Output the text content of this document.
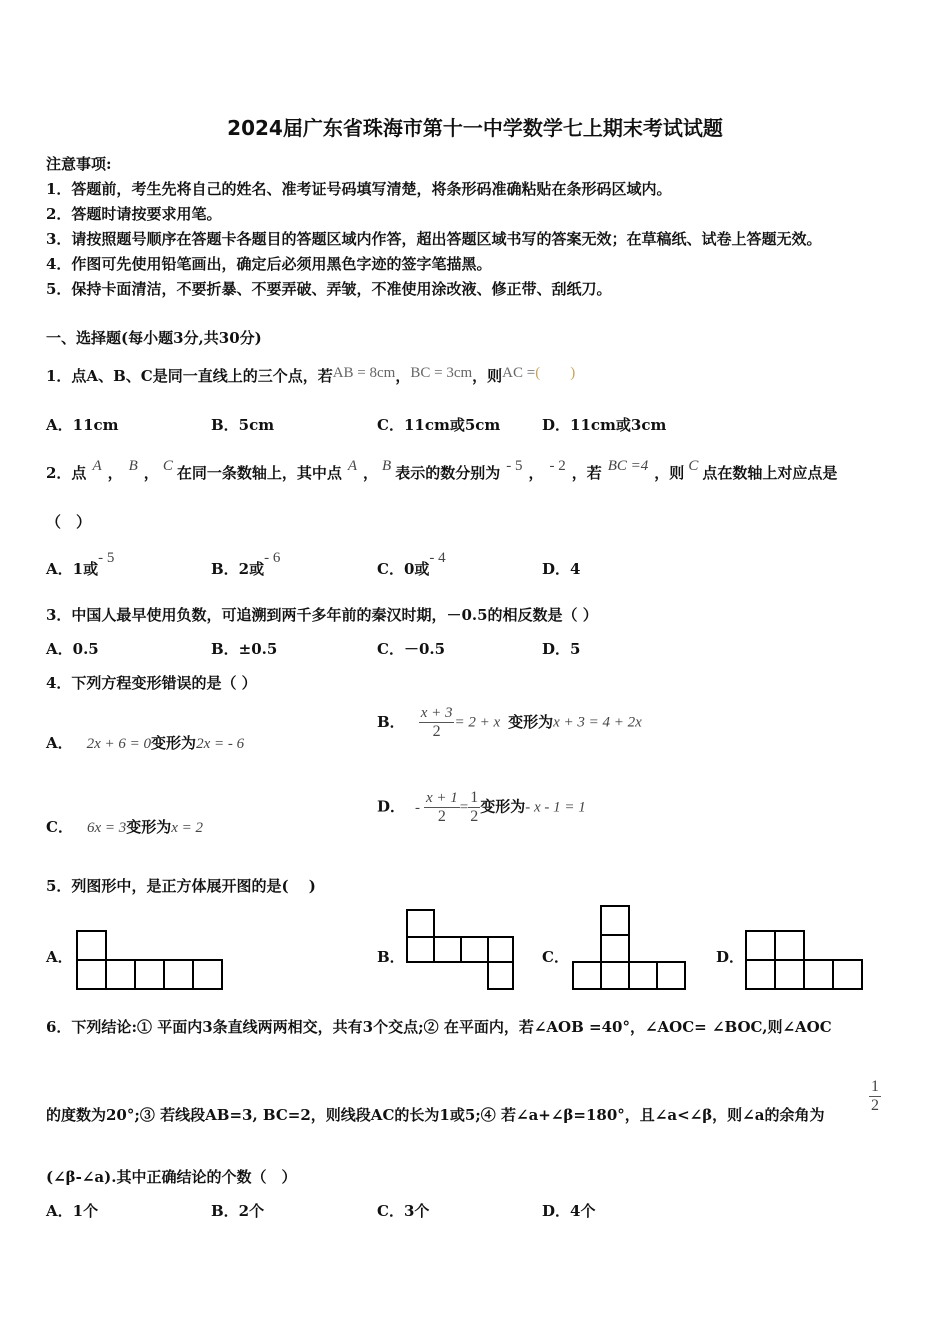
2024届广东省珠海市第十一中学数学七上期末考试试题
注意事项:
1．答题前，考生先将自己的姓名、准考证号码填写清楚，将条形码准确粘贴在条形码区域内。
2．答题时请按要求用笔。
3．请按照题号顺序在答题卡各题目的答题区域内作答，超出答题区域书写的答案无效；在草稿纸、试卷上答题无效。
4．作图可先使用铅笔画出，确定后必须用黑色字迹的签字笔描黑。
5．保持卡面清洁，不要折暴、不要弄破、弄皱，不准使用涂改液、修正带、刮纸刀。
一、选择题(每小题3分,共30分)
1．点A、B、C是同一直线上的三个点，若AB = 8cm，BC = 3cm，则AC =(　　)
A．11cm	B．5cm	C．11cm或5cm	D．11cm或3cm
2．点 A ， B ， C 在同一条数轴上，其中点 A ， B 表示的数分别为 - 5 ， - 2 ，若 BC =4 ，则 C 点在数轴上对应点是
（　）
A．1或- 5
B．2或- 6
C．0或- 4
D．4
3．中国人最早使用负数，可追溯到两千多年前的秦汉时期，－0.5的相反数是（ ）
A．0.5	B．±0.5	C．－0.5	D．5
4．下列方程变形错误的是（ ）
A． 2x + 6 = 0变形为2x = - 6
B． $\frac{x + 3}{2} = 2 + x$ 变形为x + 3 = 4 + 2x
C． 6x = 3变形为x = 2
D． - $\frac{x + 1}{2} = \frac{1}{2}$ 变形为- x - 1 = 1
5．列图形中，是正方体展开图的是(　 )
A．	B．	C．	D．
6．下列结论:① 平面内3条直线两两相交，共有3个交点;② 在平面内，若∠AOB =40°，∠AOC= ∠BOC,则∠AOC
的度数为20°;③ 若线段AB=3, BC=2，则线段AC的长为1或5;④ 若∠a+∠β=180°，且∠a<∠β，则∠a的余角为	$\frac{1}{2}$
(∠β-∠a).其中正确结论的个数（　）
A．1个	B．2个	C．3个	D．4个
